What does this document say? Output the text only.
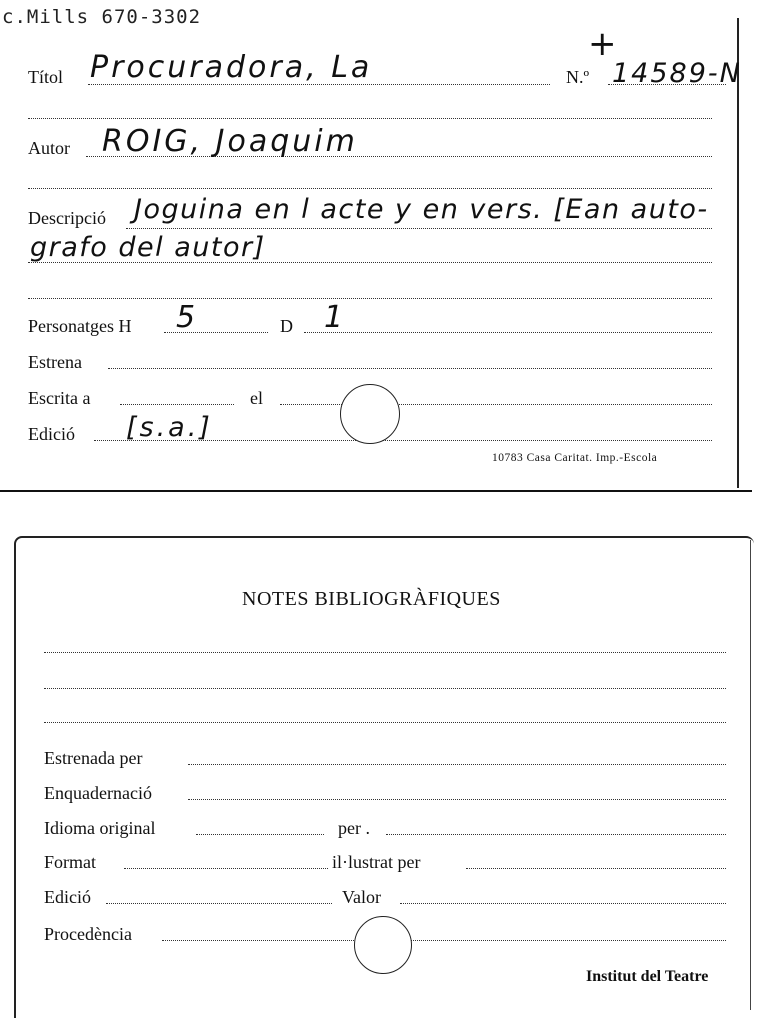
c.Mills 670-3302
Títol Procuradora, La	N.º 14589-N
+
Autor ROIG, Joaquim
Descripció Joguina en l acte y en vers. [Ean auto-
grafo del autor]
Personatges H 5	D 1
Estrena
Escrita a	el
Edició [s.a.]
10783 Casa Caritat. Imp.-Escola
NOTES BIBLIOGRÀFIQUES
Estrenada per
Enquadernació
Idioma original	per .
Format	il·lustrat per
Edició	Valor
Procedència
Institut del Teatre
